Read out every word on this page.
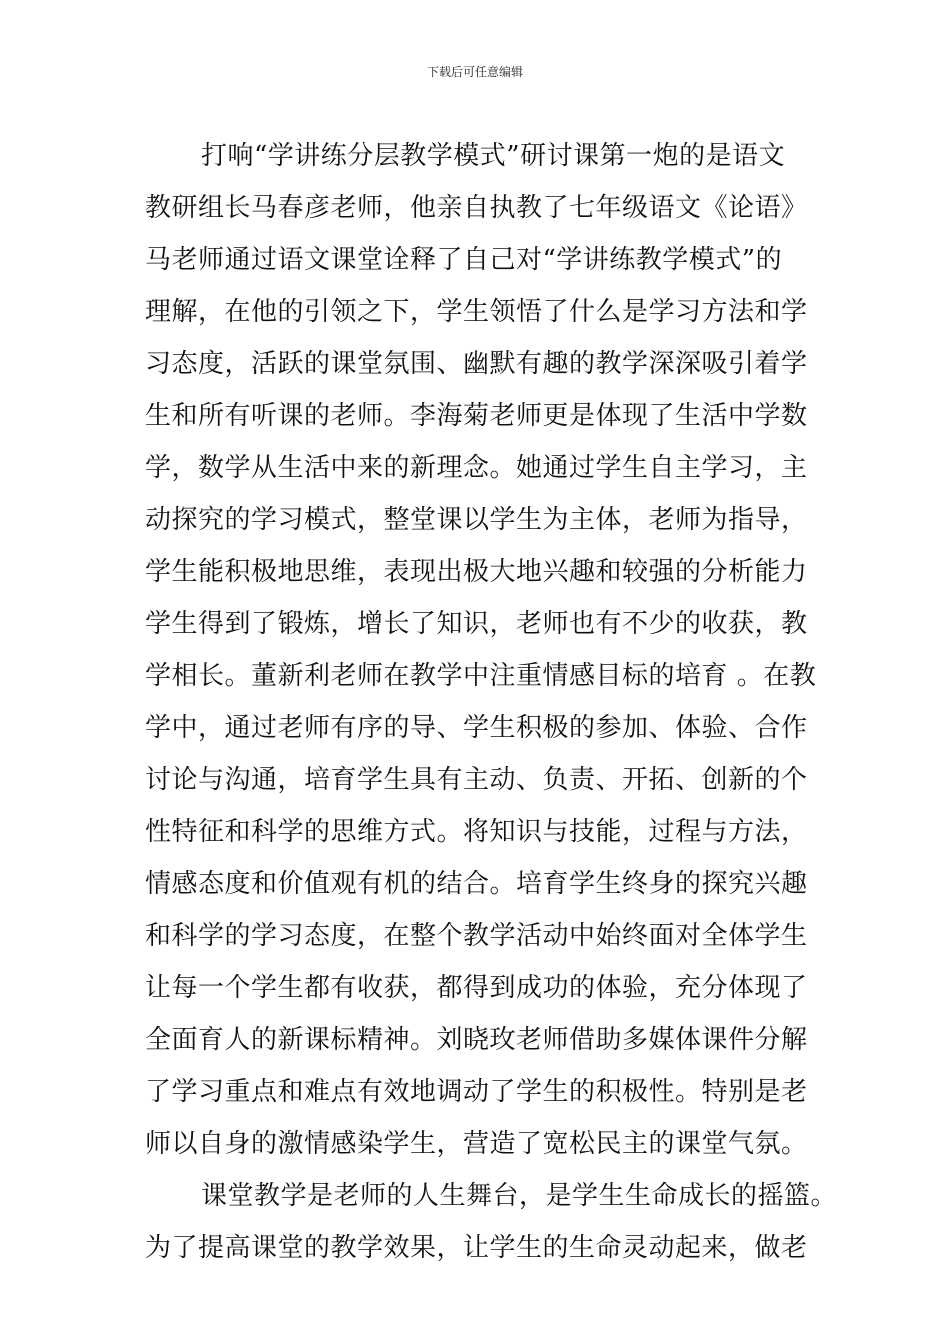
下载后可任意编辑
打响“学讲练分层教学模式”研讨课第一炮的是语文
教研组长马春彦老师，他亲自执教了七年级语文《论语》
马老师通过语文课堂诠释了自己对“学讲练教学模式”的
理解，在他的引领之下，学生领悟了什么是学习方法和学
习态度，活跃的课堂氛围、幽默有趣的教学深深吸引着学
生和所有听课的老师。李海菊老师更是体现了生活中学数
学，数学从生活中来的新理念。她通过学生自主学习，主
动探究的学习模式，整堂课以学生为主体，老师为指导，
学生能积极地思维，表现出极大地兴趣和较强的分析能力
学生得到了锻炼，增长了知识，老师也有不少的收获，教
学相长。董新利老师在教学中注重情感目标的培育 。在教
学中，通过老师有序的导、学生积极的参加、体验、合作
讨论与沟通，培育学生具有主动、负责、开拓、创新的个
性特征和科学的思维方式。将知识与技能，过程与方法，
情感态度和价值观有机的结合。培育学生终身的探究兴趣
和科学的学习态度，在整个教学活动中始终面对全体学生
让每一个学生都有收获，都得到成功的体验，充分体现了
全面育人的新课标精神。刘晓玫老师借助多媒体课件分解
了学习重点和难点有效地调动了学生的积极性。特别是老
师以自身的激情感染学生，营造了宽松民主的课堂气氛。
课堂教学是老师的人生舞台，是学生生命成长的摇篮。
为了提高课堂的教学效果，让学生的生命灵动起来，做老
